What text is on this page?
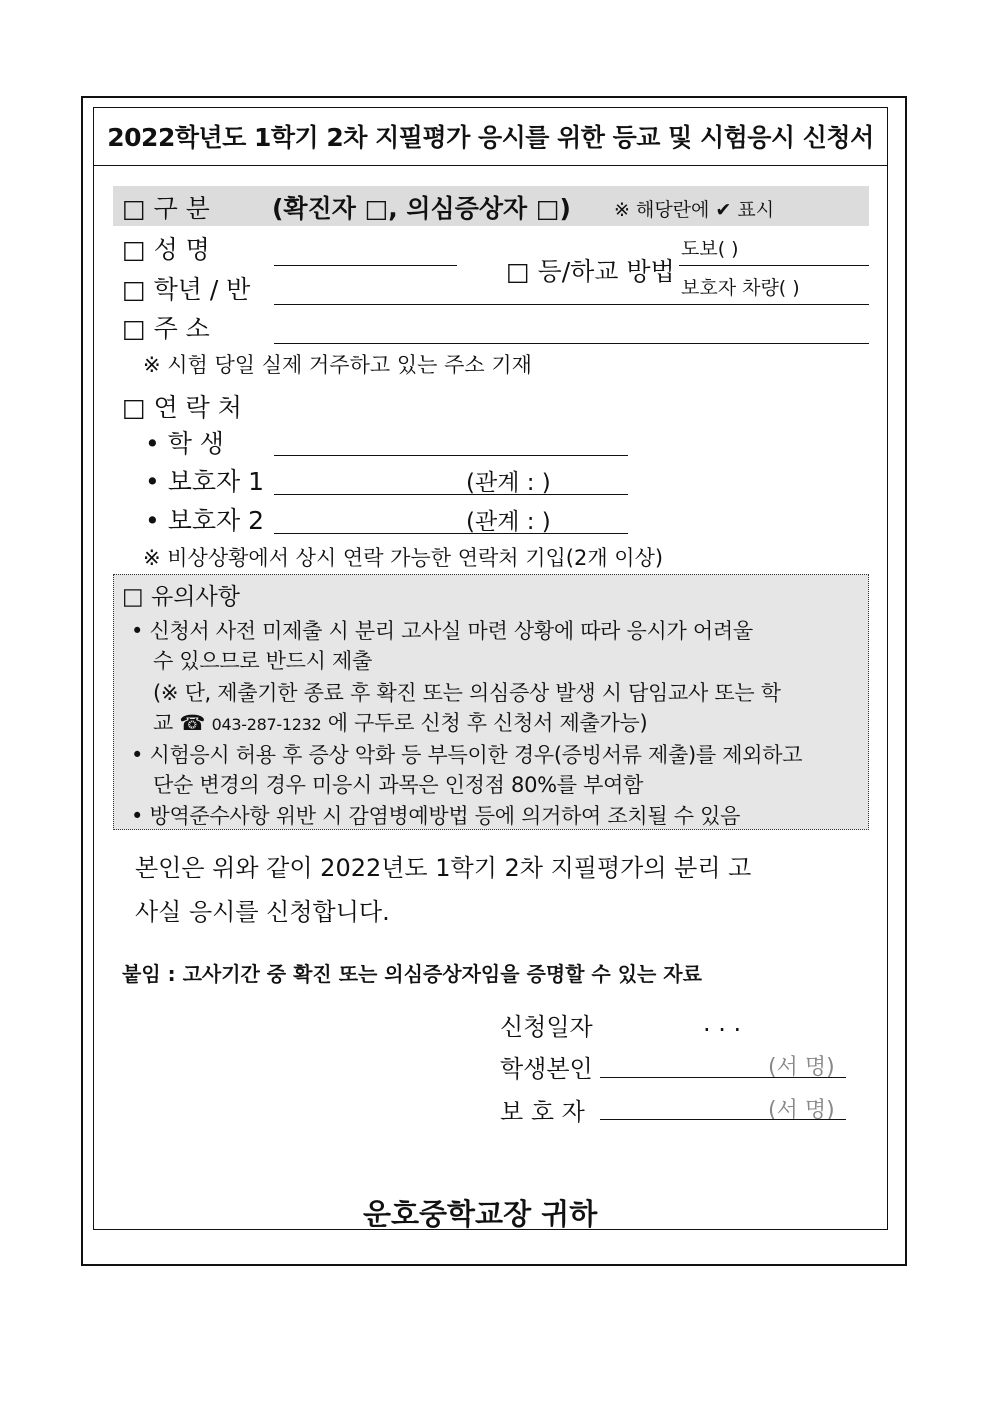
2022학년도 1학기 2차 지필평가 응시를 위한 등교 및 시험응시 신청서
□ 구 분 (확진자 □, 의심증상자 □) ※ 해당란에 ✔ 표시
□ 성 명
□ 학년 / 반
□ 등/하교 방법
도보( )
보호자 차량( )
□ 주 소
※ 시험 당일 실제 거주하고 있는 주소 기재
□ 연 락 처
• 학 생
• 보호자 1	(관계 : )
• 보호자 2	(관계 : )
※ 비상상황에서 상시 연락 가능한 연락처 기입(2개 이상)
□ 유의사항
• 신청서 사전 미제출 시 분리 고사실 마련 상황에 따라 응시가 어려울
수 있으므로 반드시 제출
(※ 단, 제출기한 종료 후 확진 또는 의심증상 발생 시 담임교사 또는 학
교 ☎ 043-287-1232 에 구두로 신청 후 신청서 제출가능)
• 시험응시 허용 후 증상 악화 등 부득이한 경우(증빙서류 제출)를 제외하고
단순 변경의 경우 미응시 과목은 인정점 80%를 부여함
• 방역준수사항 위반 시 감염병예방법 등에 의거하여 조치될 수 있음
본인은 위와 같이 2022년도 1학기 2차 지필평가의 분리 고
사실 응시를 신청합니다.
붙임 : 고사기간 중 확진 또는 의심증상자임을 증명할 수 있는 자료
신청일자	. . .
학생본인	(서 명)
보 호 자	(서 명)
운호중학교장 귀하
